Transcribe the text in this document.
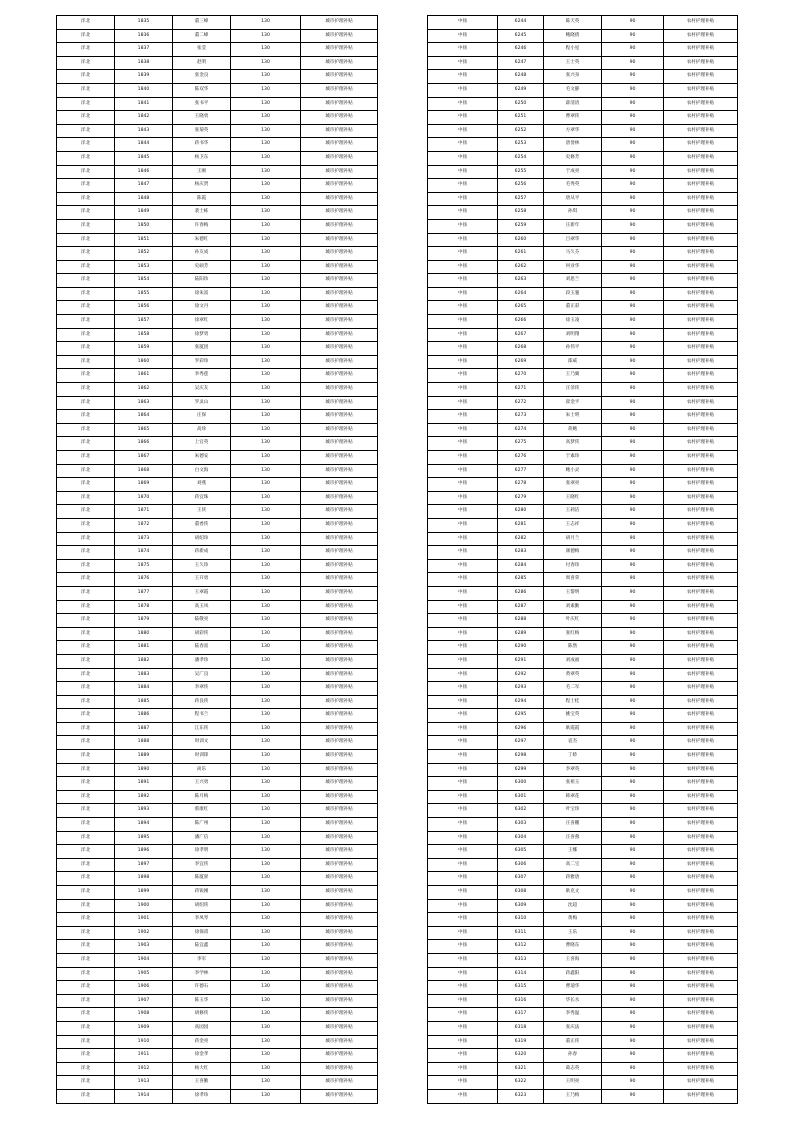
洋北	1835	董三峰	130	城市护理补贴
洋北	1836	董二峰	130	城市护理补贴
洋北	1837	张莹	130	城市护理补贴
洋北	1838	赵明	130	城市护理补贴
洋北	1839	张金良	130	城市护理补贴
洋北	1840	陈双华	130	城市护理补贴
洋北	1841	张书平	130	城市护理补贴
洋北	1842	王晓勇	130	城市护理补贴
洋北	1843	张菊英	130	城市护理补贴
洋北	1844	蒋书华	130	城市护理补贴
洋北	1845	杨卫东	130	城市护理补贴
洋北	1846	王刚	130	城市护理补贴
洋北	1847	杨庆贤	130	城市护理补贴
洋北	1848	陈霞	130	城市护理补贴
洋北	1849	裴士栋	130	城市护理补贴
洋北	1850	许春梅	130	城市护理补贴
洋北	1851	朱德红	130	城市护理补贴
洋北	1852	孙友成	130	城市护理补贴
洋北	1853	史硕芳	130	城市护理补贴
洋北	1854	陆阳珍	130	城市护理补贴
洋北	1855	徐朱富	130	城市护理补贴
洋北	1856	徐文丹	130	城市护理补贴
洋北	1857	徐翠红	130	城市护理补贴
洋北	1858	徐梦勇	130	城市护理补贴
洋北	1859	张厦团	130	城市护理补贴
洋北	1860	罗彩珍	130	城市护理补贴
洋北	1861	李秀莲	130	城市护理补贴
洋北	1862	吴庆友	130	城市护理补贴
洋北	1863	罗灵山	130	城市护理补贴
洋北	1864	庄保	130	城市护理补贴
洋北	1865	高珍	130	城市护理补贴
洋北	1866	上官英	130	城市护理补贴
洋北	1867	朱德安	130	城市护理补贴
洋北	1868	白文海	130	城市护理补贴
洋北	1869	刘燕	130	城市护理补贴
洋北	1870	蒋宜珠	130	城市护理补贴
洋北	1871	王侠	130	城市护理补贴
洋北	1872	董香侠	130	城市护理补贴
洋北	1873	胡绍珍	130	城市护理补贴
洋北	1874	蒋新成	130	城市护理补贴
洋北	1875	王久珍	130	城市护理补贴
洋北	1876	王开勇	130	城市护理补贴
洋北	1877	王翠霞	130	城市护理补贴
洋北	1878	高玉凤	130	城市护理补贴
洋北	1879	陆敬亮	130	城市护理补贴
洋北	1880	胡彩侠	130	城市护理补贴
洋北	1881	陆春富	130	城市护理补贴
洋北	1882	潘孝珍	130	城市护理补贴
洋北	1883	吴广良	130	城市护理补贴
洋北	1884	李翠侠	130	城市护理补贴
洋北	1885	蒋良侠	130	城市护理补贴
洋北	1886	程书兰	130	城市护理补贴
洋北	1887	江东侠	130	城市护理补贴
洋北	1888	时训文	130	城市护理补贴
洋北	1889	时训锋	130	城市护理补贴
洋北	1890	尚乐	130	城市护理补贴
洋北	1891	王兴勇	130	城市护理补贴
洋北	1892	陈月梅	130	城市护理补贴
洋北	1893	蔡康红	130	城市护理补贴
洋北	1894	陈广州	130	城市护理补贴
洋北	1895	潘广信	130	城市护理补贴
洋北	1896	徐孝明	130	城市护理补贴
洋北	1897	李宜侠	130	城市护理补贴
洋北	1898	陈厦驿	130	城市护理补贴
洋北	1899	蒋锐刚	130	城市护理补贴
洋北	1900	胡绍侠	130	城市护理补贴
洋北	1901	李凤琴	130	城市护理补贴
洋北	1902	徐保甫	130	城市护理补贴
洋北	1903	陆宜鑫	130	城市护理补贴
洋北	1904	李军	130	城市护理补贴
洋北	1905	李学林	130	城市护理补贴
洋北	1906	许德石	130	城市护理补贴
洋北	1907	陈玉华	130	城市护理补贴
洋北	1908	胡修侠	130	城市护理补贴
洋北	1909	高园园	130	城市护理补贴
洋北	1910	蒋金亮	130	城市护理补贴
洋北	1911	徐金孝	130	城市护理补贴
洋北	1912	杨大红	130	城市护理补贴
洋北	1913	王喜勤	130	城市护理补贴
洋北	1914	徐孝珍	130	城市护理补贴
中扬	6244	陈天英	90	农村护理补贴
中扬	6245	鲍晓倩	90	农村护理补贴
中扬	6246	程小星	90	农村护理补贴
中扬	6247	王士英	90	农村护理补贴
中扬	6248	张兴身	90	农村护理补贴
中扬	6249	毛文静	90	农村护理补贴
中扬	6250	薛清清	90	农村护理补贴
中扬	6251	曹翠侠	90	农村护理补贴
中扬	6252	方翠华	90	农村护理补贴
中扬	6253	唐誉林	90	农村护理补贴
中扬	6254	史修芳	90	农村护理补贴
中扬	6255	于成亮	90	农村护理补贴
中扬	6256	毛秀英	90	农村护理补贴
中扬	6257	唐从平	90	农村护理补贴
中扬	6258	孙琪	90	农村护理补贴
中扬	6259	庄新年	90	农村护理补贴
中扬	6260	吕翠华	90	农村护理补贴
中扬	6261	马久芬	90	农村护理补贴
中扬	6262	何业华	90	农村护理补贴
中扬	6263	刘思兰	90	农村护理补贴
中扬	6264	段玉銮	90	农村护理补贴
中扬	6265	董正彩	90	农村护理补贴
中扬	6266	徐玉凌	90	农村护理补贴
中扬	6267	刘明翔	90	农村护理补贴
中扬	6268	孙伟平	90	农村护理补贴
中扬	6269	邵威	90	农村护理补贴
中扬	6270	王乃翼	90	农村护理补贴
中扬	6271	庄菲侠	90	农村护理补贴
中扬	6272	翟金平	90	农村护理补贴
中扬	6273	朱士明	90	农村护理补贴
中扬	6274	蒋鲍	90	农村护理补贴
中扬	6275	高梦侠	90	农村护理补贴
中扬	6276	于素珍	90	农村护理补贴
中扬	6277	鲍小灵	90	农村护理补贴
中扬	6278	张翠亮	90	农村护理补贴
中扬	6279	王晓红	90	农村护理补贴
中扬	6280	王莉洁	90	农村护理补贴
中扬	6281	王志祥	90	农村护理补贴
中扬	6282	胡月兰	90	农村护理补贴
中扬	6283	颜德梅	90	农村护理补贴
中扬	6284	付春珍	90	农村护理补贴
中扬	6285	周喜荣	90	农村护理补贴
中扬	6286	王黎明	90	农村护理补贴
中扬	6287	刘素勤	90	农村护理补贴
中扬	6288	叶庆红	90	农村护理补贴
中扬	6289	张红梅	90	农村护理补贴
中扬	6290	陈然	90	农村护理补贴
中扬	6291	刘成福	90	农村护理补贴
中扬	6292	黄翠英	90	农村护理补贴
中扬	6293	毛二军	90	农村护理补贴
中扬	6294	程士桂	90	农村护理补贴
中扬	6295	姚宝英	90	农村护理补贴
中扬	6296	耿霞霞	90	农村护理补贴
中扬	6297	袁杰	90	农村护理补贴
中扬	6298	丁娇	90	农村护理补贴
中扬	6299	李翠英	90	农村护理补贴
中扬	6300	张祖玉	90	农村护理补贴
中扬	6301	韩翠花	90	农村护理补贴
中扬	6302	叶宝珍	90	农村护理补贴
中扬	6303	庄喜鹏	90	农村护理补贴
中扬	6304	庄喜燕	90	农村护理补贴
中扬	6305	王娜	90	农村护理补贴
中扬	6306	高二宝	90	农村护理补贴
中扬	6307	蒋雅唐	90	农村护理补贴
中扬	6308	耿克文	90	农村护理补贴
中扬	6309	沈超	90	农村护理补贴
中扬	6310	黄梅	90	农村护理补贴
中扬	6311	王乐	90	农村护理补贴
中扬	6312	曹晓东	90	农村护理补贴
中扬	6313	王喜海	90	农村护理补贴
中扬	6314	蒋鑫阳	90	农村护理补贴
中扬	6315	曹迪华	90	农村护理补贴
中扬	6316	华长水	90	农村护理补贴
中扬	6317	李秀温	90	农村护理补贴
中扬	6318	张庆法	90	农村护理补贴
中扬	6319	董正侠	90	农村护理补贴
中扬	6320	孙春	90	农村护理补贴
中扬	6321	葛志英	90	农村护理补贴
中扬	6322	王明亮	90	农村护理补贴
中扬	6323	王乃梅	90	农村护理补贴
